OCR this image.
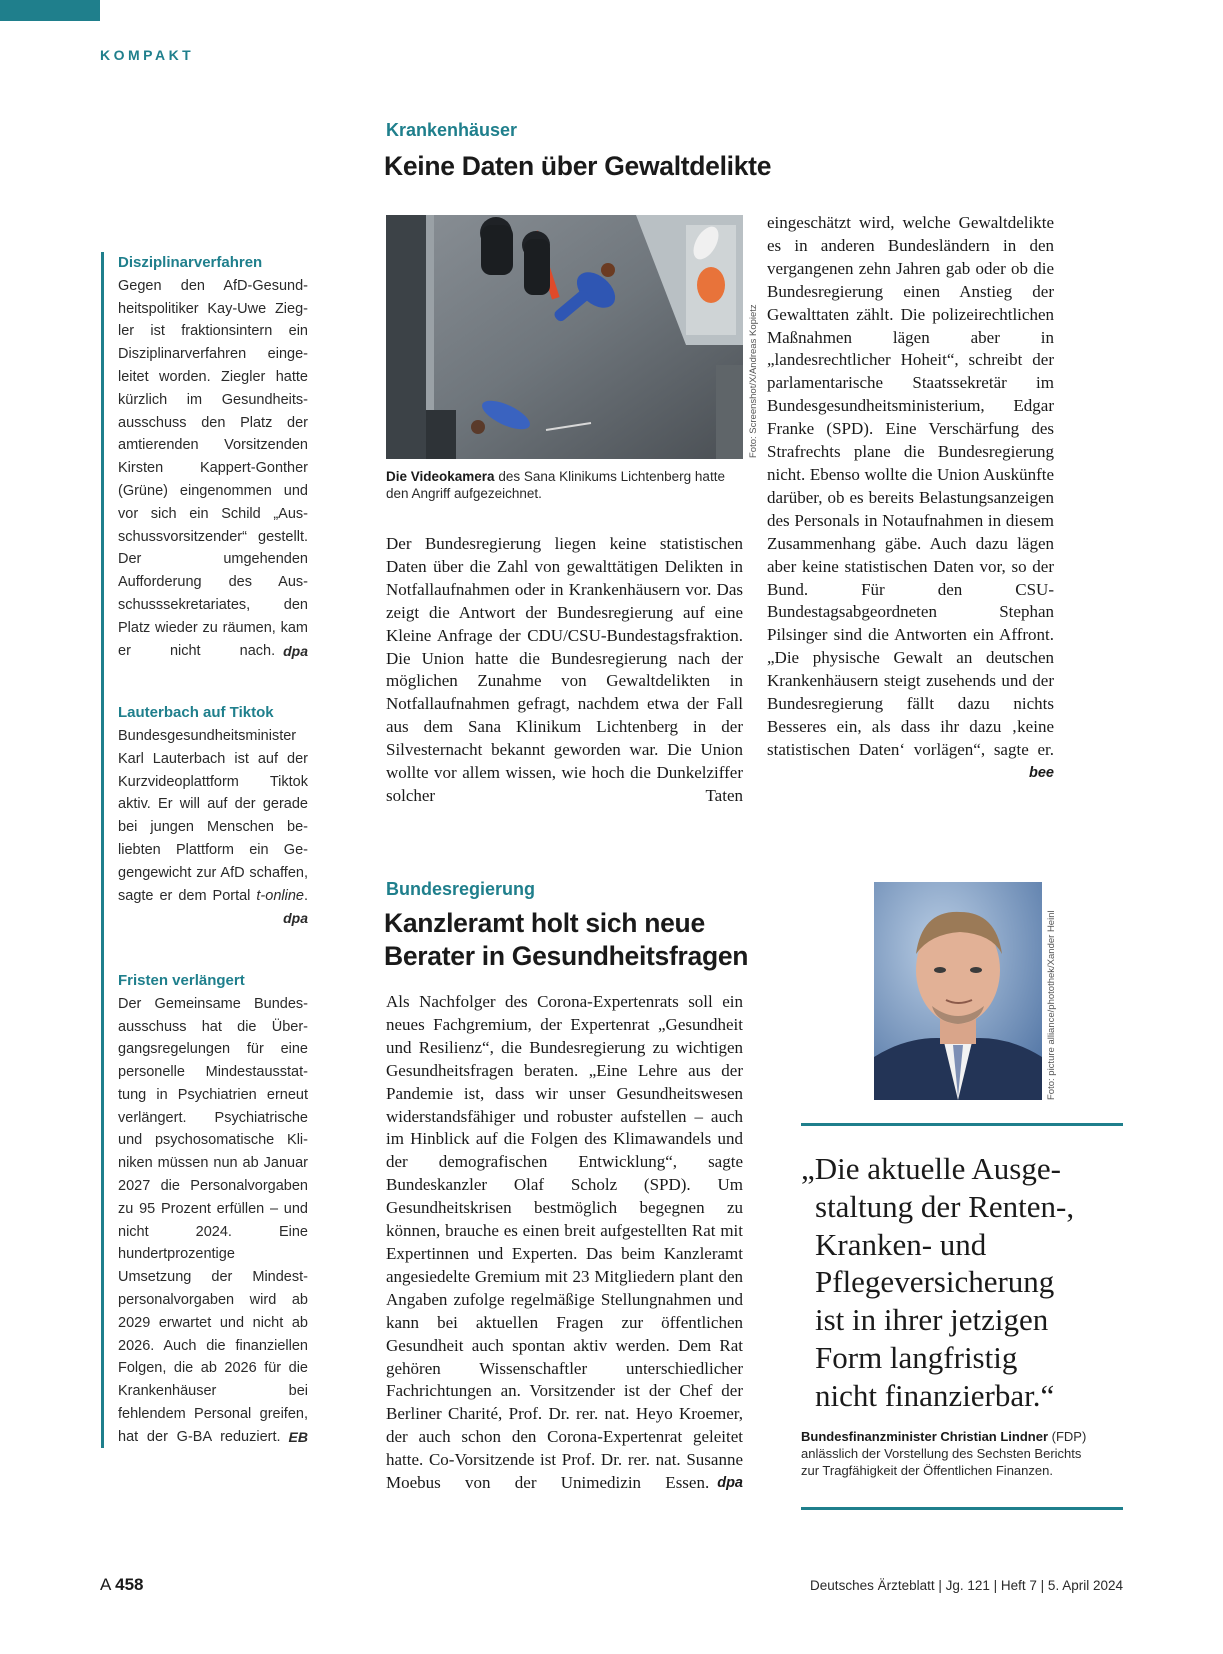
KOMPAKT
Disziplinarverfahren
Gegen den AfD-Gesundheitspolitiker Kay-Uwe Ziegler ist fraktionsintern ein Disziplinarverfahren eingeleitet worden. Ziegler hatte kürzlich im Gesundheitsausschuss den Platz der amtierenden Vorsitzenden Kirsten Kappert-Gonther (Grüne) eingenommen und vor sich ein Schild „Ausschussvorsitzender“ gestellt. Der umgehenden Aufforderung des Ausschusssekretariates, den Platz wieder zu räumen, kam er nicht nach. dpa
Lauterbach auf Tiktok
Bundesgesundheitsminister Karl Lauterbach ist auf der Kurzvideoplattform Tiktok aktiv. Er will auf der gerade bei jungen Menschen beliebten Plattform ein Gegengewicht zur AfD schaffen, sagte er dem Portal t-online.
dpa
Fristen verlängert
Der Gemeinsame Bundesausschuss hat die Übergangsregelungen für eine personelle Mindestausstattung in Psychiatrien erneut verlängert. Psychiatrische und psychosomatische Kliniken müssen nun ab Januar 2027 die Personalvorgaben zu 95 Prozent erfüllen – und nicht 2024. Eine hundertprozentige Umsetzung der Mindestpersonalvorgaben wird ab 2029 erwartet und nicht ab 2026. Auch die finanziellen Folgen, die ab 2026 für die Krankenhäuser bei fehlendem Personal greifen, hat der G-BA reduziert. EB
Krankenhäuser
Keine Daten über Gewaltdelikte
Foto: Screenshot/X/Andreas Kopietz
Die Videokamera des Sana Klinikums Lichtenberg hatte den Angriff aufgezeichnet.
Der Bundesregierung liegen keine statistischen Daten über die Zahl von gewalttätigen Delikten in Notfallaufnahmen oder in Krankenhäusern vor. Das zeigt die Antwort der Bundesregierung auf eine Kleine Anfrage der CDU/CSU-Bundestagsfraktion. Die Union hatte die Bundesregierung nach der möglichen Zunahme von Gewaltdelikten in Notfallaufnahmen gefragt, nachdem etwa der Fall aus dem Sana Klinikum Lichtenberg in der Silvesternacht bekannt geworden war. Die Union wollte vor allem wissen, wie hoch die Dunkelziffer solcher Taten
eingeschätzt wird, welche Gewaltdelikte es in anderen Bundesländern in den vergangenen zehn Jahren gab oder ob die Bundesregierung einen Anstieg der Gewalttaten zählt. Die polizeirechtlichen Maßnahmen lägen aber in „landesrechtlicher Hoheit“, schreibt der parlamentarische Staatssekretär im Bundesgesundheitsministerium, Edgar Franke (SPD). Eine Verschärfung des Strafrechts plane die Bundesregierung nicht. Ebenso wollte die Union Auskünfte darüber, ob es bereits Belastungsanzeigen des Personals in Notaufnahmen in diesem Zusammenhang gäbe. Auch dazu lägen aber keine statistischen Daten vor, so der Bund. Für den CSU-Bundestagsabgeordneten Stephan Pilsinger sind die Antworten ein Affront. „Die physische Gewalt an deutschen Krankenhäusern steigt zusehends und der Bundesregierung fällt dazu nichts Besseres ein, als dass ihr dazu ‚keine statistischen Daten‘ vorlägen“, sagte er.
bee
Bundesregierung
Kanzleramt holt sich neue
Berater in Gesundheitsfragen
Als Nachfolger des Corona-Expertenrats soll ein neues Fachgremium, der Expertenrat „Gesundheit und Resilienz“, die Bundesregierung zu wichtigen Gesundheitsfragen beraten. „Eine Lehre aus der Pandemie ist, dass wir unser Gesundheitswesen widerstandsfähiger und robuster aufstellen – auch im Hinblick auf die Folgen des Klimawandels und der demografischen Entwicklung“, sagte Bundeskanzler Olaf Scholz (SPD). Um Gesundheitskrisen bestmöglich begegnen zu können, brauche es einen breit aufgestellten Rat mit Expertinnen und Experten. Das beim Kanzleramt angesiedelte Gremium mit 23 Mitgliedern plant den Angaben zufolge regelmäßige Stellungnahmen und kann bei aktuellen Fragen zur öffentlichen Gesundheit auch spontan aktiv werden. Dem Rat gehören Wissenschaftler unterschiedlicher Fachrichtungen an. Vorsitzender ist der Chef der Berliner Charité, Prof. Dr. rer. nat. Heyo Kroemer, der auch schon den Corona-Expertenrat geleitet hatte. Co-Vorsitzende ist Prof. Dr. rer. nat. Susanne Moebus von der Unimedizin Essen. dpa
Foto: picture alliance/photothek/Xander Heinl
„Die aktuelle Ausge-
staltung der Renten-,
Kranken- und
Pflegeversicherung
ist in ihrer jetzigen
Form langfristig
nicht finanzierbar.“
Bundesfinanzminister Christian Lindner (FDP)
anlässlich der Vorstellung des Sechsten Berichts
zur Tragfähigkeit der Öffentlichen Finanzen.
A 458	Deutsches Ärzteblatt | Jg. 121 | Heft 7 | 5. April 2024
